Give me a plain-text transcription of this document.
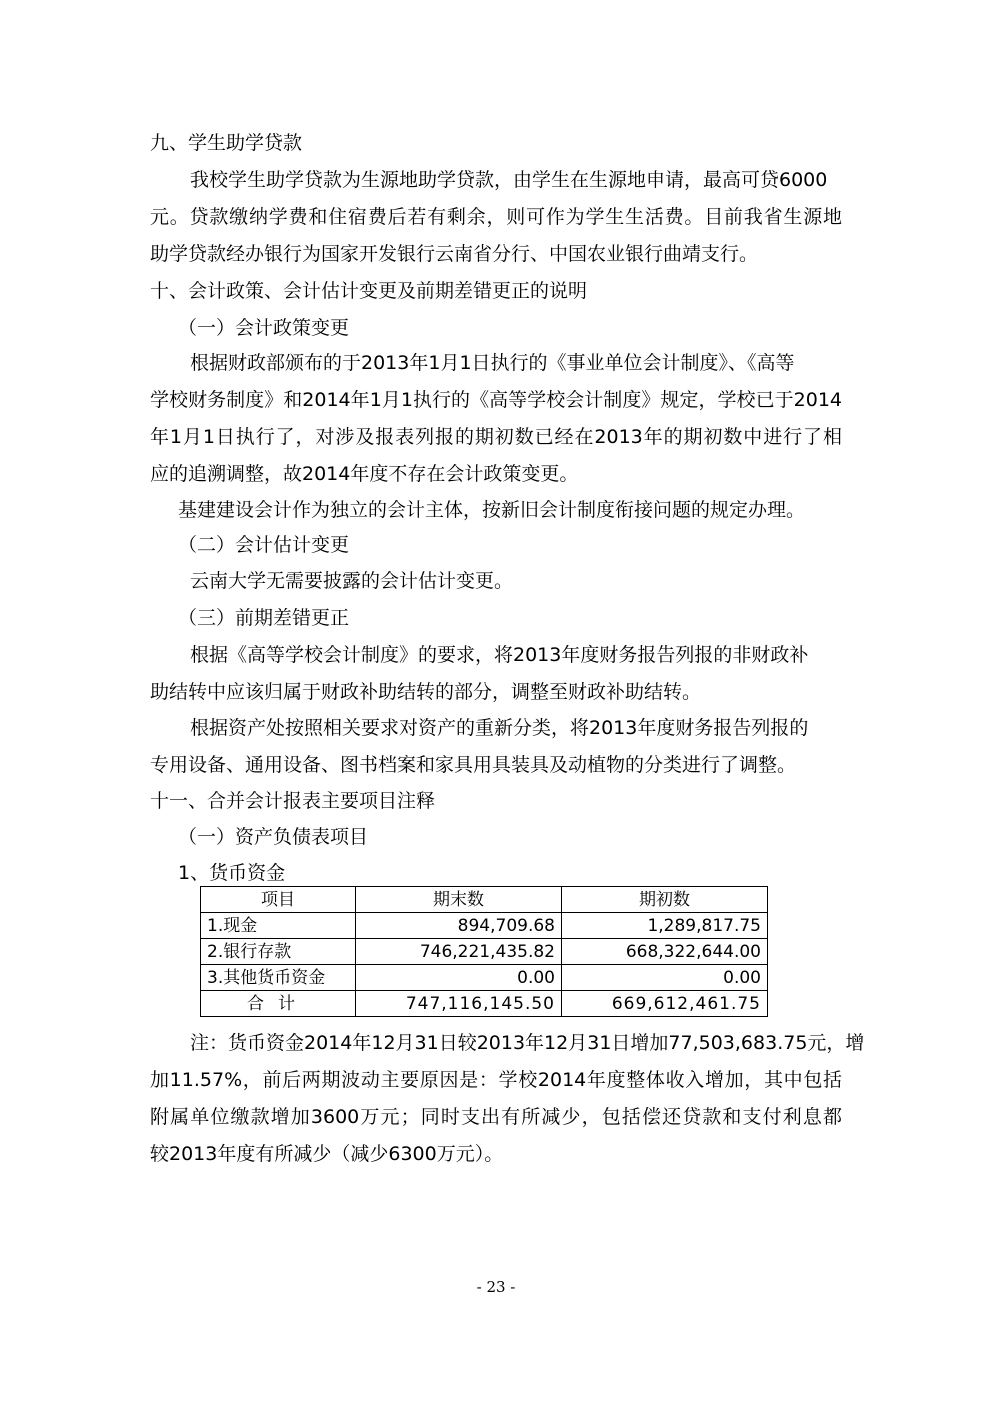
九、学生助学贷款
我校学生助学贷款为生源地助学贷款，由学生在生源地申请，最高可贷6000
元。贷款缴纳学费和住宿费后若有剩余，则可作为学生生活费。目前我省生源地
助学贷款经办银行为国家开发银行云南省分行、中国农业银行曲靖支行。
十、会计政策、会计估计变更及前期差错更正的说明
（一）会计政策变更
根据财政部颁布的于2013年1月1日执行的《事业单位会计制度》、《高等
学校财务制度》和2014年1月1执行的《高等学校会计制度》规定，学校已于2014
年1月1日执行了，对涉及报表列报的期初数已经在2013年的期初数中进行了相
应的追溯调整，故2014年度不存在会计政策变更。
基建建设会计作为独立的会计主体，按新旧会计制度衔接问题的规定办理。
（二）会计估计变更
云南大学无需要披露的会计估计变更。
（三）前期差错更正
根据《高等学校会计制度》的要求，将2013年度财务报告列报的非财政补
助结转中应该归属于财政补助结转的部分，调整至财政补助结转。
根据资产处按照相关要求对资产的重新分类，将2013年度财务报告列报的
专用设备、通用设备、图书档案和家具用具装具及动植物的分类进行了调整。
十一、合并会计报表主要项目注释
（一）资产负债表项目
1、货币资金
项目	期末数	期初数
1.现金	894,709.68	1,289,817.75
2.银行存款	746,221,435.82	668,322,644.00
3.其他货币资金	0.00	0.00
合计	747,116,145.50	669,612,461.75
注：货币资金2014年12月31日较2013年12月31日增加77,503,683.75元，增
加11.57%，前后两期波动主要原因是：学校2014年度整体收入增加，其中包括
附属单位缴款增加3600万元；同时支出有所减少，包括偿还贷款和支付利息都
较2013年度有所减少（减少6300万元）。
- 23 -
